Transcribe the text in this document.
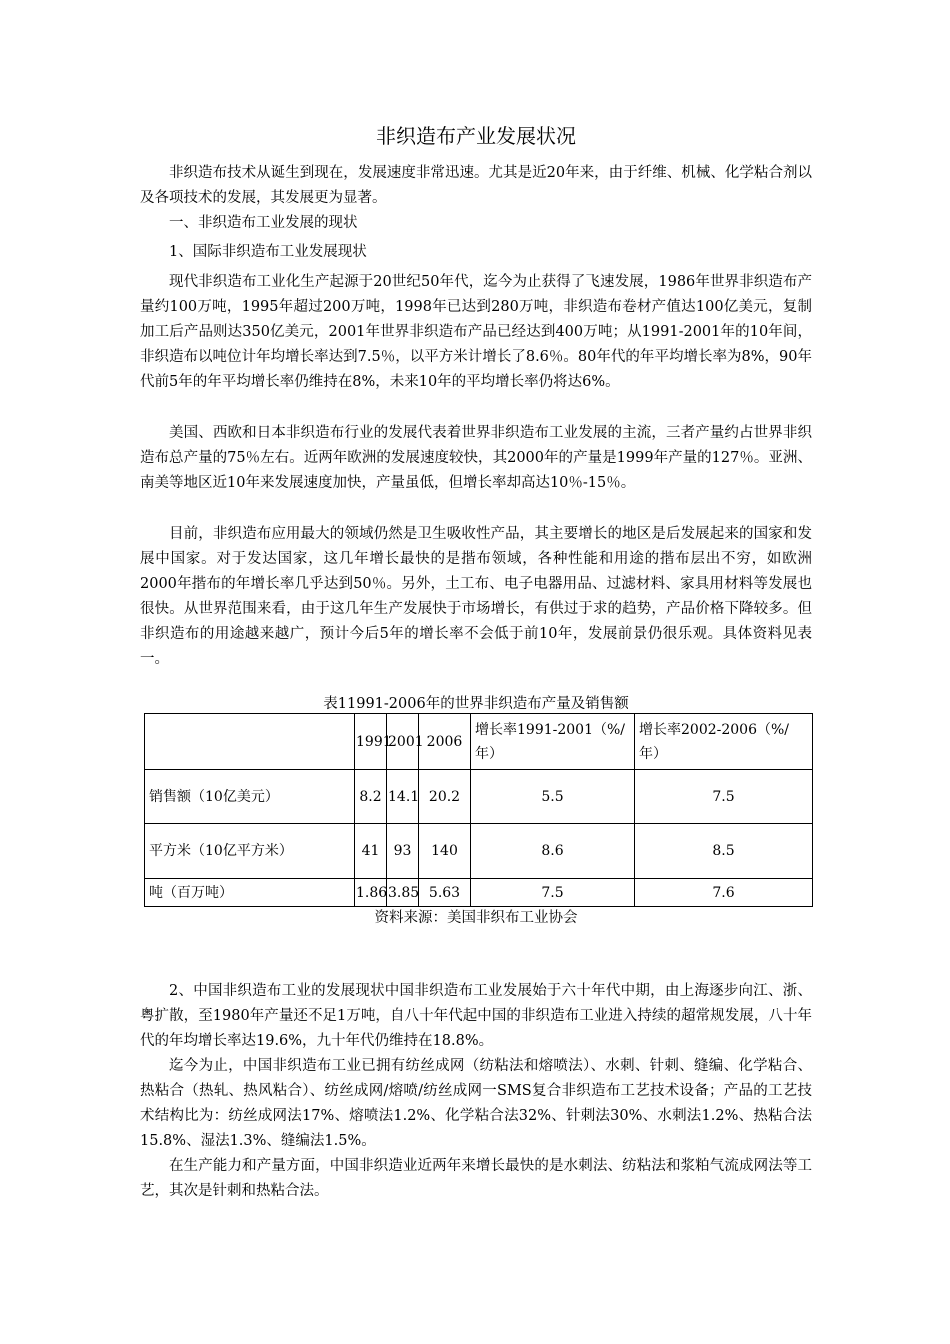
非织造布产业发展状况
非织造布技术从诞生到现在，发展速度非常迅速。尤其是近20年来，由于纤维、机械、化学粘合剂以及各项技术的发展，其发展更为显著。
一、非织造布工业发展的现状
1、国际非织造布工业发展现状
现代非织造布工业化生产起源于20世纪50年代，迄今为止获得了飞速发展，1986年世界非织造布产量约100万吨，1995年超过200万吨，1998年已达到280万吨，非织造布卷材产值达100亿美元，复制加工后产品则达350亿美元，2001年世界非织造布产品已经达到400万吨；从1991-2001年的10年间，非织造布以吨位计年均增长率达到7.5％，以平方米计增长了8.6％。80年代的年平均增长率为8%，90年代前5年的年平均增长率仍维持在8%，未来10年的平均增长率仍将达6%。
美国、西欧和日本非织造布行业的发展代表着世界非织造布工业发展的主流，三者产量约占世界非织造布总产量的75％左右。近两年欧洲的发展速度较快，其2000年的产量是1999年产量的127％。亚洲、南美等地区近10年来发展速度加快，产量虽低，但增长率却高达10％-15％。
目前，非织造布应用最大的领域仍然是卫生吸收性产品，其主要增长的地区是后发展起来的国家和发展中国家。对于发达国家，这几年增长最快的是揩布领域，各种性能和用途的揩布层出不穷，如欧洲2000年揩布的年增长率几乎达到50％。另外，土工布、电子电器用品、过滤材料、家具用材料等发展也很快。从世界范围来看，由于这几年生产发展快于市场增长，有供过于求的趋势，产品价格下降较多。但非织造布的用途越来越广，预计今后5年的增长率不会低于前10年，发展前景仍很乐观。具体资料见表一。
表11991-2006年的世界非织造布产量及销售额
	1991	2001	2006	增长率1991-2001（%/年）	增长率2002-2006（%/年）
销售额（10亿美元）	8.2	14.1	20.2	5.5	7.5
平方米（10亿平方米）	41	93	140	8.6	8.5
吨（百万吨）	1.86	3.85	5.63	7.5	7.6
资料来源：美国非织布工业协会
2、中国非织造布工业的发展现状中国非织造布工业发展始于六十年代中期，由上海逐步向江、浙、粤扩散，至1980年产量还不足1万吨，自八十年代起中国的非织造布工业进入持续的超常规发展，八十年代的年均增长率达19.6%，九十年代仍维持在18.8%。
迄今为止，中国非织造布工业已拥有纺丝成网（纺粘法和熔喷法）、水刺、针刺、缝编、化学粘合、热粘合（热轧、热风粘合）、纺丝成网/熔喷/纺丝成网一SMS复合非织造布工艺技术设备；产品的工艺技术结构比为：纺丝成网法17%、熔喷法1.2%、化学粘合法32%、针刺法30%、水刺法1.2%、热粘合法15.8%、湿法1.3%、缝编法1.5%。
在生产能力和产量方面，中国非织造业近两年来增长最快的是水刺法、纺粘法和浆粕气流成网法等工艺，其次是针刺和热粘合法。
